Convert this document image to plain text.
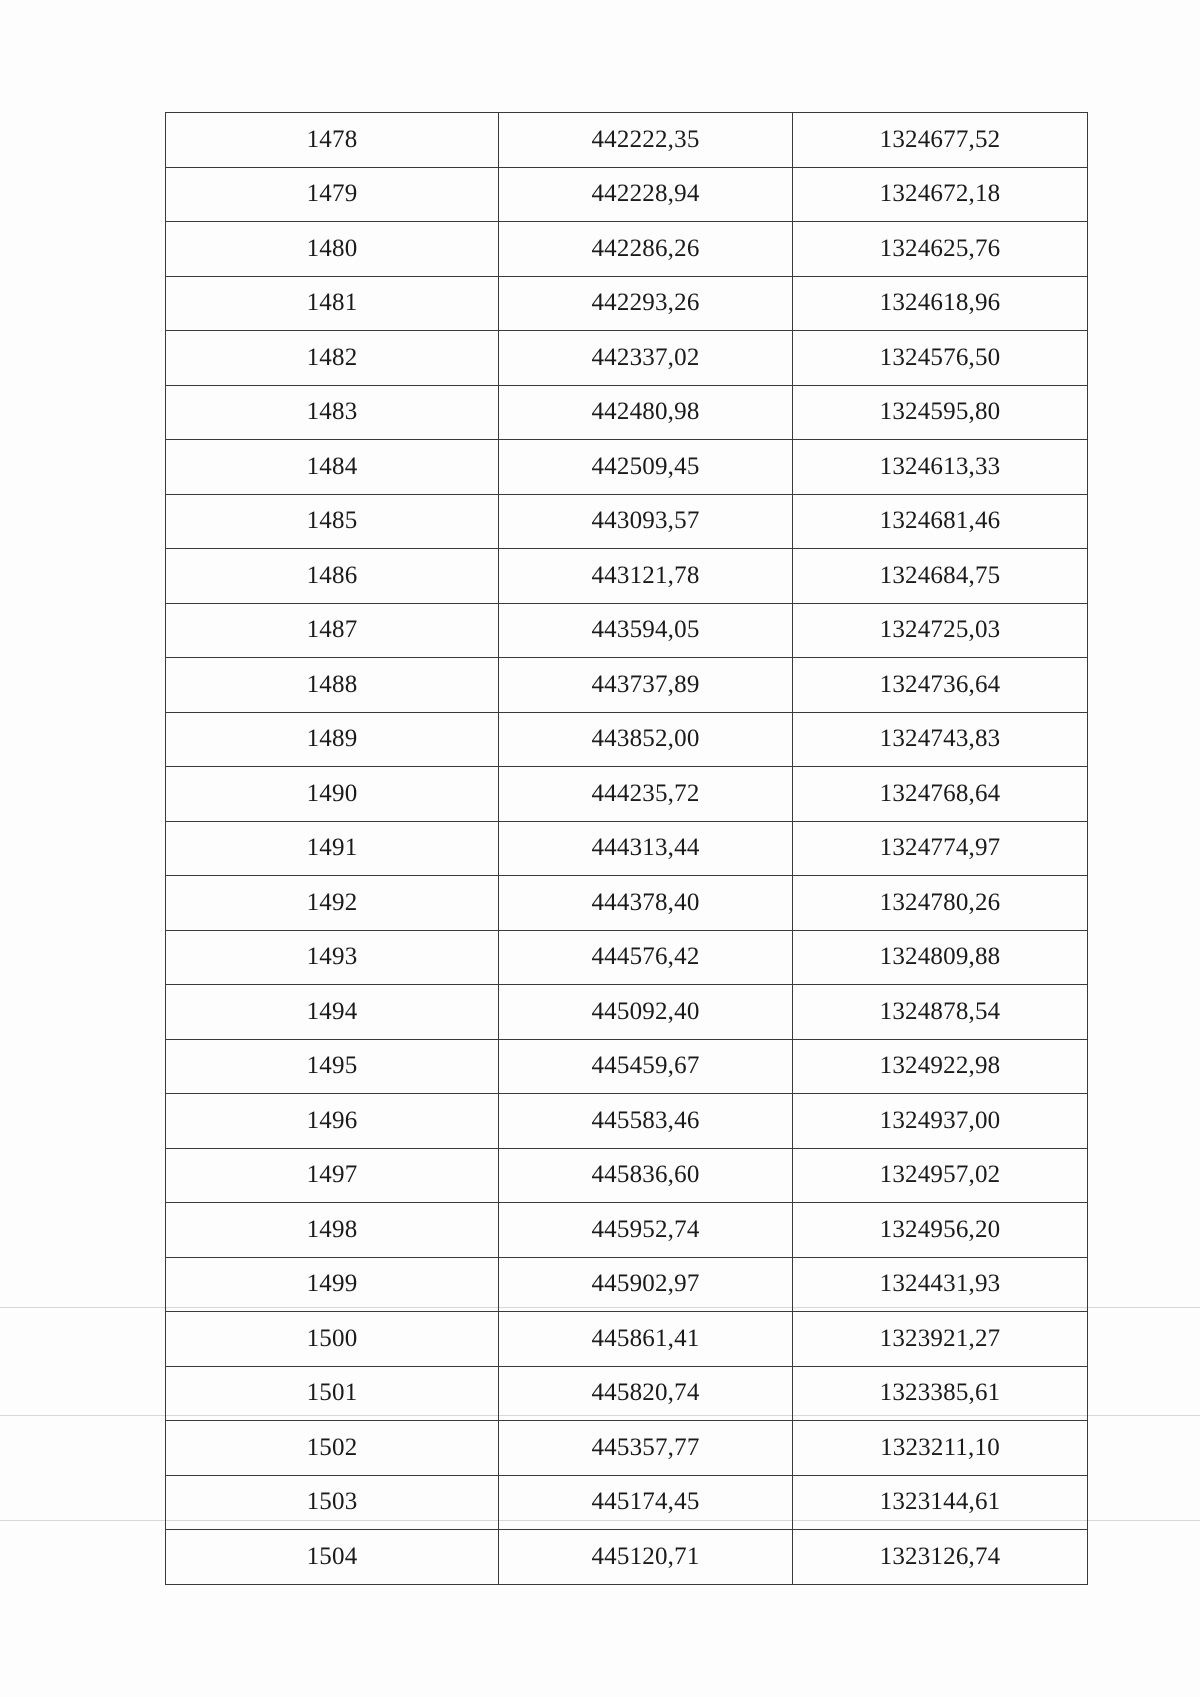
1478	442222,35	1324677,52
1479	442228,94	1324672,18
1480	442286,26	1324625,76
1481	442293,26	1324618,96
1482	442337,02	1324576,50
1483	442480,98	1324595,80
1484	442509,45	1324613,33
1485	443093,57	1324681,46
1486	443121,78	1324684,75
1487	443594,05	1324725,03
1488	443737,89	1324736,64
1489	443852,00	1324743,83
1490	444235,72	1324768,64
1491	444313,44	1324774,97
1492	444378,40	1324780,26
1493	444576,42	1324809,88
1494	445092,40	1324878,54
1495	445459,67	1324922,98
1496	445583,46	1324937,00
1497	445836,60	1324957,02
1498	445952,74	1324956,20
1499	445902,97	1324431,93
1500	445861,41	1323921,27
1501	445820,74	1323385,61
1502	445357,77	1323211,10
1503	445174,45	1323144,61
1504	445120,71	1323126,74
